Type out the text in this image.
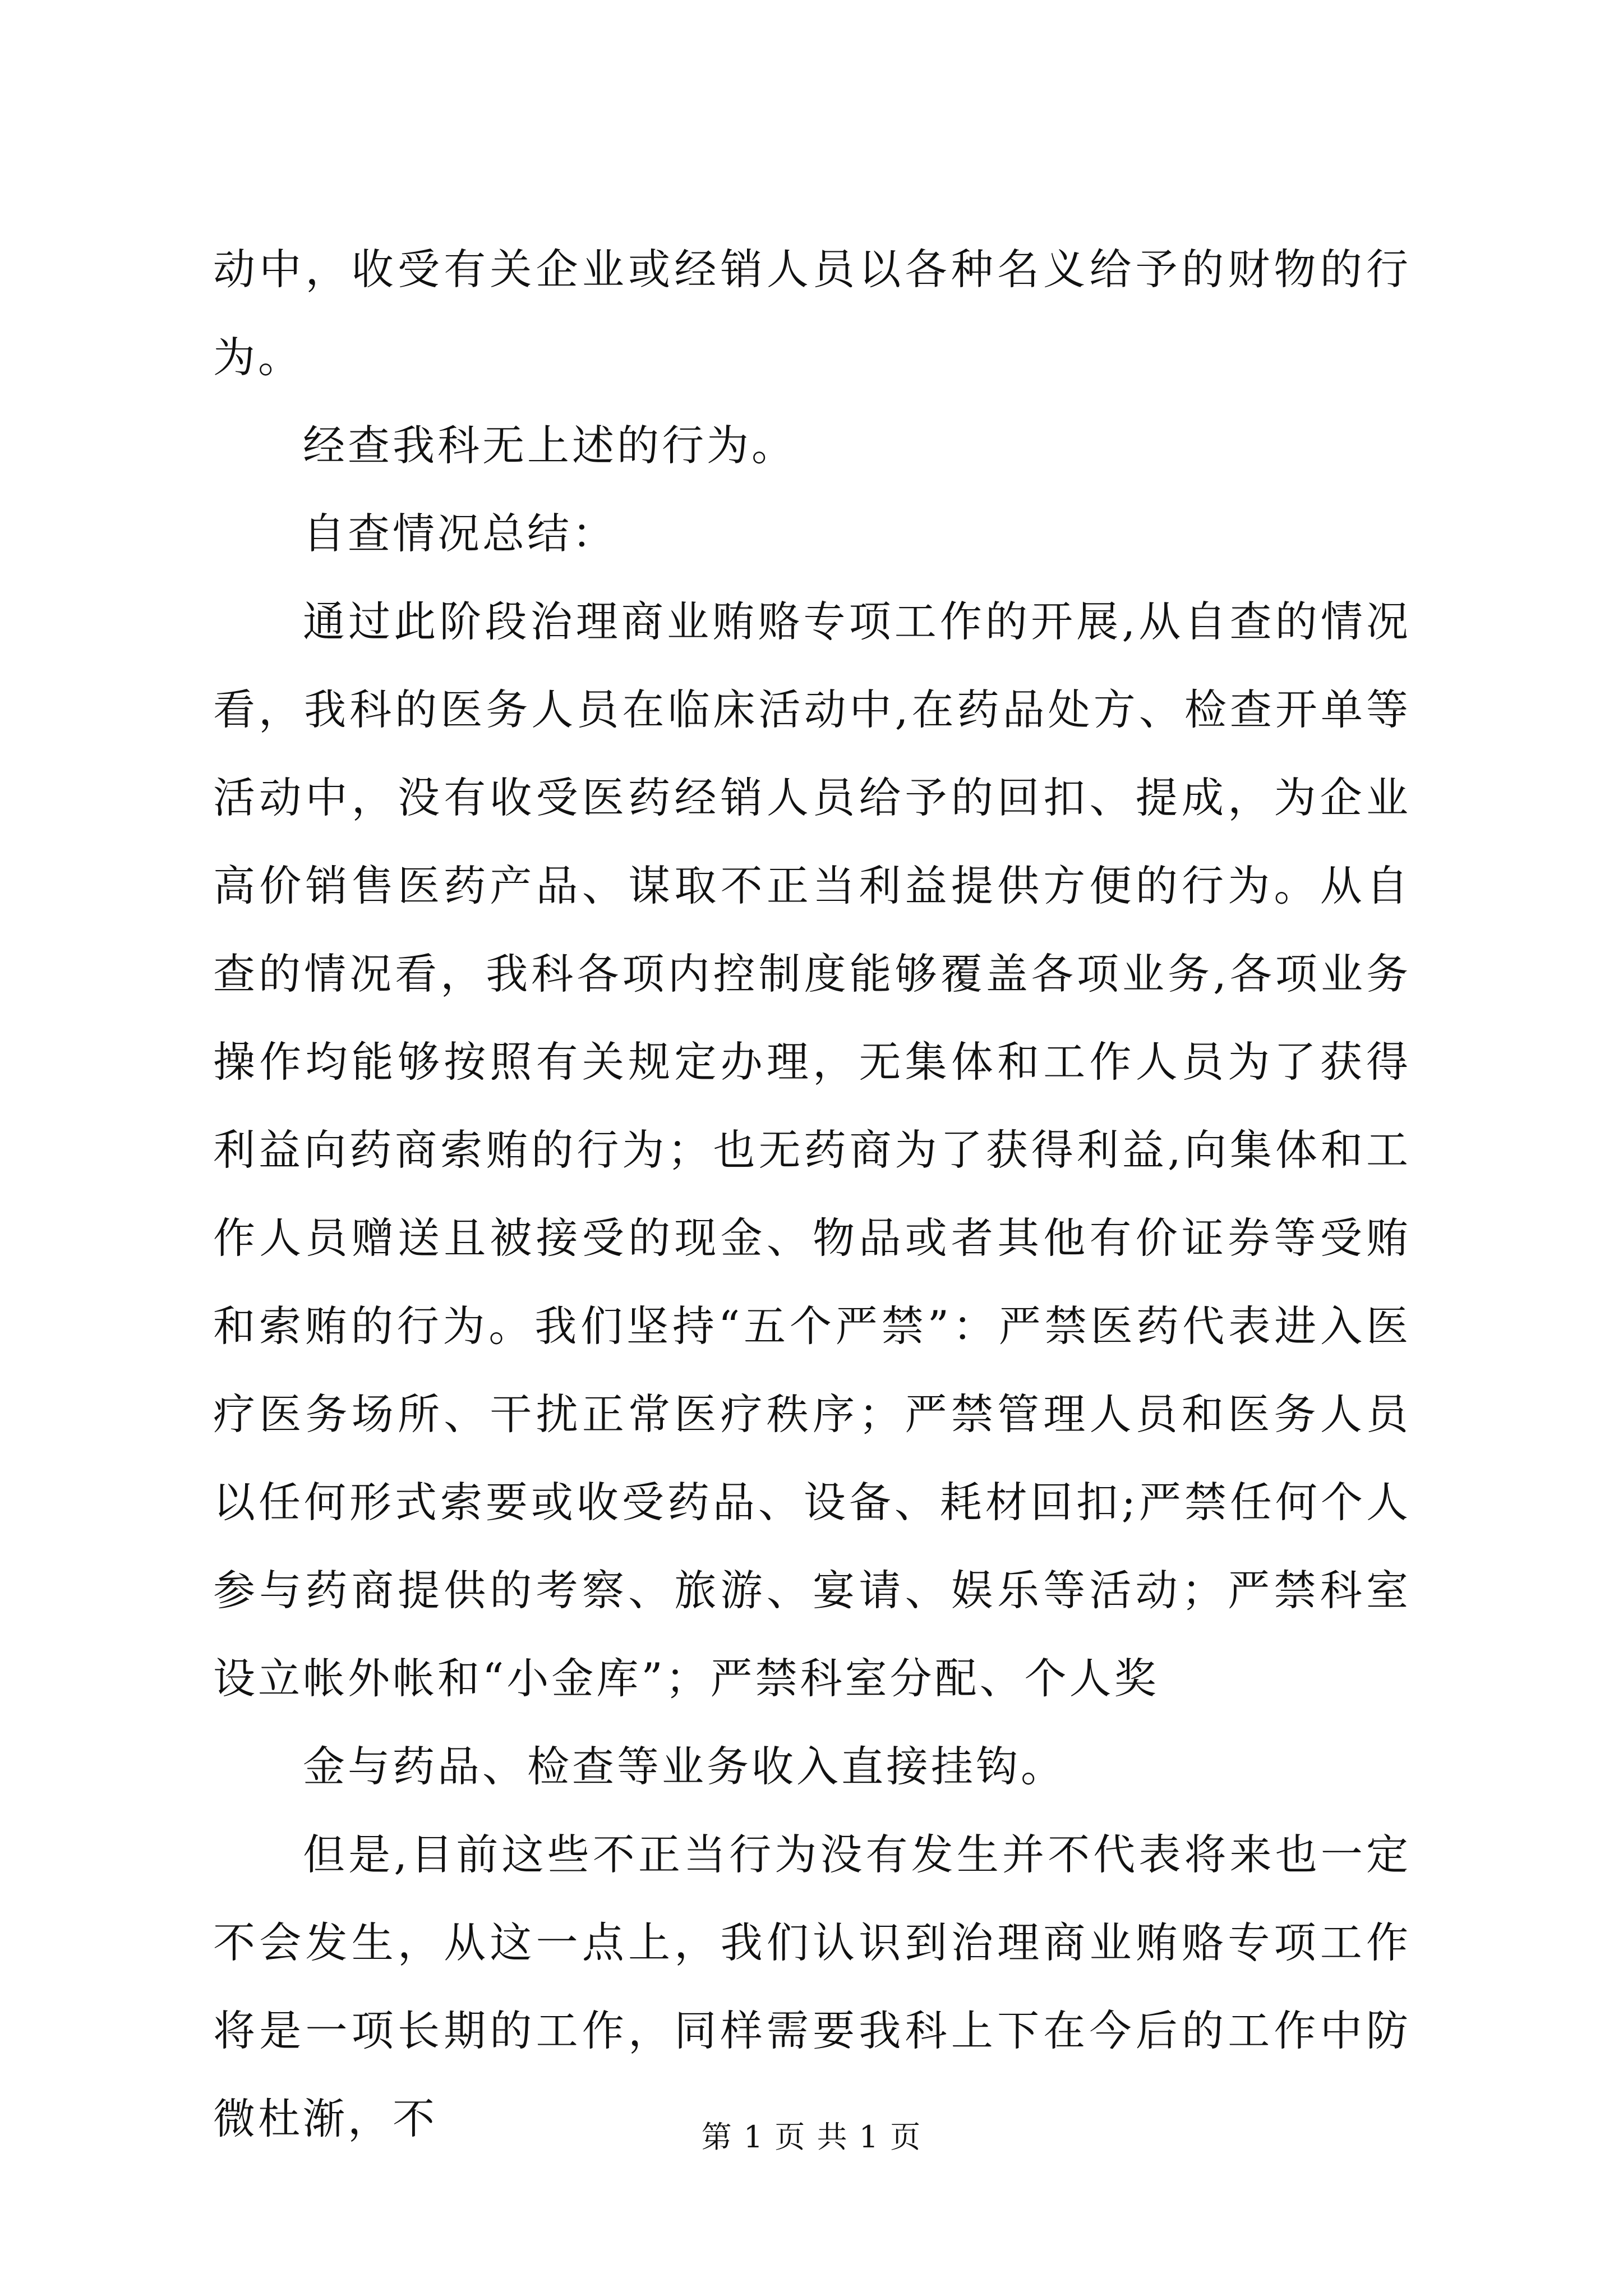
动中，收受有关企业或经销人员以各种名义给予的财物的行为。

经查我科无上述的行为。

自查情况总结：

通过此阶段治理商业贿赂专项工作的开展,从自查的情况看，我科的医务人员在临床活动中,在药品处方、检查开单等活动中，没有收受医药经销人员给予的回扣、提成，为企业高价销售医药产品、谋取不正当利益提供方便的行为。从自查的情况看，我科各项内控制度能够覆盖各项业务,各项业务操作均能够按照有关规定办理，无集体和工作人员为了获得利益向药商索贿的行为；也无药商为了获得利益,向集体和工作人员赠送且被接受的现金、物品或者其他有价证券等受贿和索贿的行为。我们坚持“五个严禁”：严禁医药代表进入医疗医务场所、干扰正常医疗秩序；严禁管理人员和医务人员以任何形式索要或收受药品、设备、耗材回扣;严禁任何个人参与药商提供的考察、旅游、宴请、娱乐等活动；严禁科室设立帐外帐和“小金库”；严禁科室分配、个人奖

金与药品、检查等业务收入直接挂钩。

但是,目前这些不正当行为没有发生并不代表将来也一定不会发生，从这一点上，我们认识到治理商业贿赂专项工作将是一项长期的工作，同样需要我科上下在今后的工作中防微杜渐，不	第 1 页 共 1 页
